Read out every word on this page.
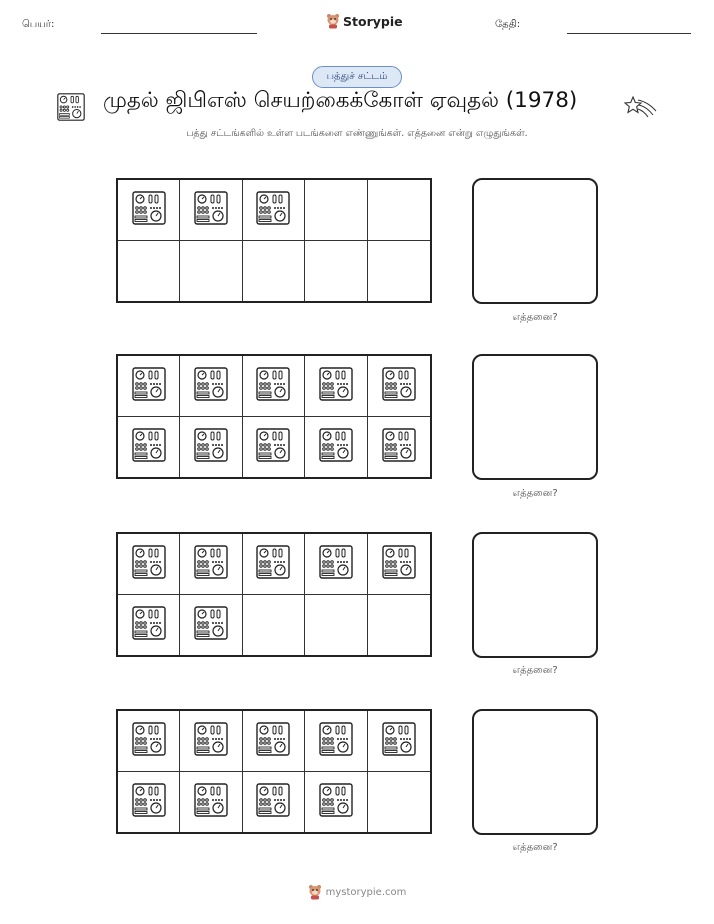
பெயர்:	Storypie	தேதி:
பத்துச் சட்டம்
முதல் ஜிபிஎஸ் செயற்கைக்கோள் ஏவுதல் (1978)
பத்து சட்டங்களில் உள்ள படங்களை எண்ணுங்கள். எத்தனை என்று எழுதுங்கள்.
எத்தனை?
எத்தனை?
எத்தனை?
எத்தனை?
mystorypie.com
